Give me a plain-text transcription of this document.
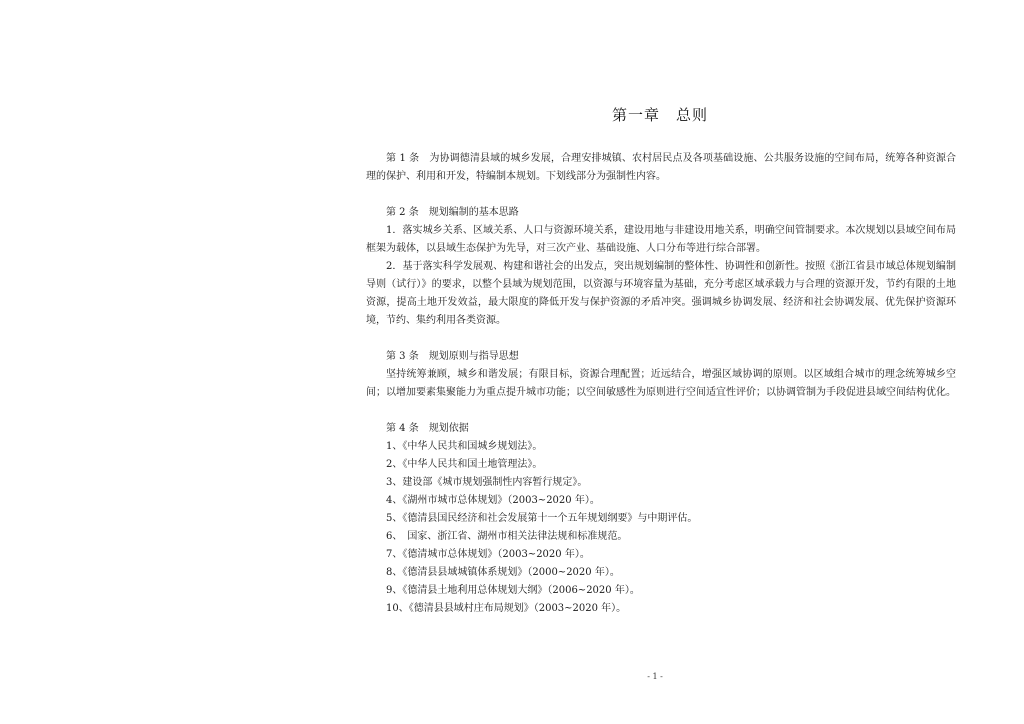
第一章　总则

第 1 条　为协调德清县域的城乡发展，合理安排城镇、农村居民点及各项基础设施、公共服务设施的空间布局，统筹各种资源合理的保护、利用和开发，特编制本规划。下划线部分为强制性内容。

第 2 条　规划编制的基本思路

1．落实城乡关系、区域关系、人口与资源环境关系，建设用地与非建设用地关系，明确空间管制要求。本次规划以县域空间布局框架为载体，以县域生态保护为先导，对三次产业、基础设施、人口分布等进行综合部署。

2．基于落实科学发展观、构建和谐社会的出发点，突出规划编制的整体性、协调性和创新性。按照《浙江省县市域总体规划编制导则（试行）》的要求，以整个县域为规划范围，以资源与环境容量为基础，充分考虑区域承载力与合理的资源开发，节约有限的土地资源，提高土地开发效益，最大限度的降低开发与保护资源的矛盾冲突。强调城乡协调发展、经济和社会协调发展、优先保护资源环境，节约、集约利用各类资源。

第 3 条　规划原则与指导思想

坚持统筹兼顾，城乡和谐发展；有限目标，资源合理配置；近远结合，增强区域协调的原则。以区域组合城市的理念统筹城乡空间；以增加要素集聚能力为重点提升城市功能；以空间敏感性为原则进行空间适宜性评价；以协调管制为手段促进县域空间结构优化。

第 4 条　规划依据

1、《中华人民共和国城乡规划法》。

2、《中华人民共和国土地管理法》。

3、建设部《城市规划强制性内容暂行规定》。

4、《湖州市城市总体规划》（2003~2020 年）。

5、《德清县国民经济和社会发展第十一个五年规划纲要》与中期评估。

6、　国家、浙江省、湖州市相关法律法规和标准规范。

7、《德清城市总体规划》（2003~2020 年）。

8、《德清县县域城镇体系规划》（2000~2020 年）。

9、《德清县土地利用总体规划大纲》（2006~2020 年）。

10、《德清县县域村庄布局规划》（2003~2020 年）。

- 1 -
